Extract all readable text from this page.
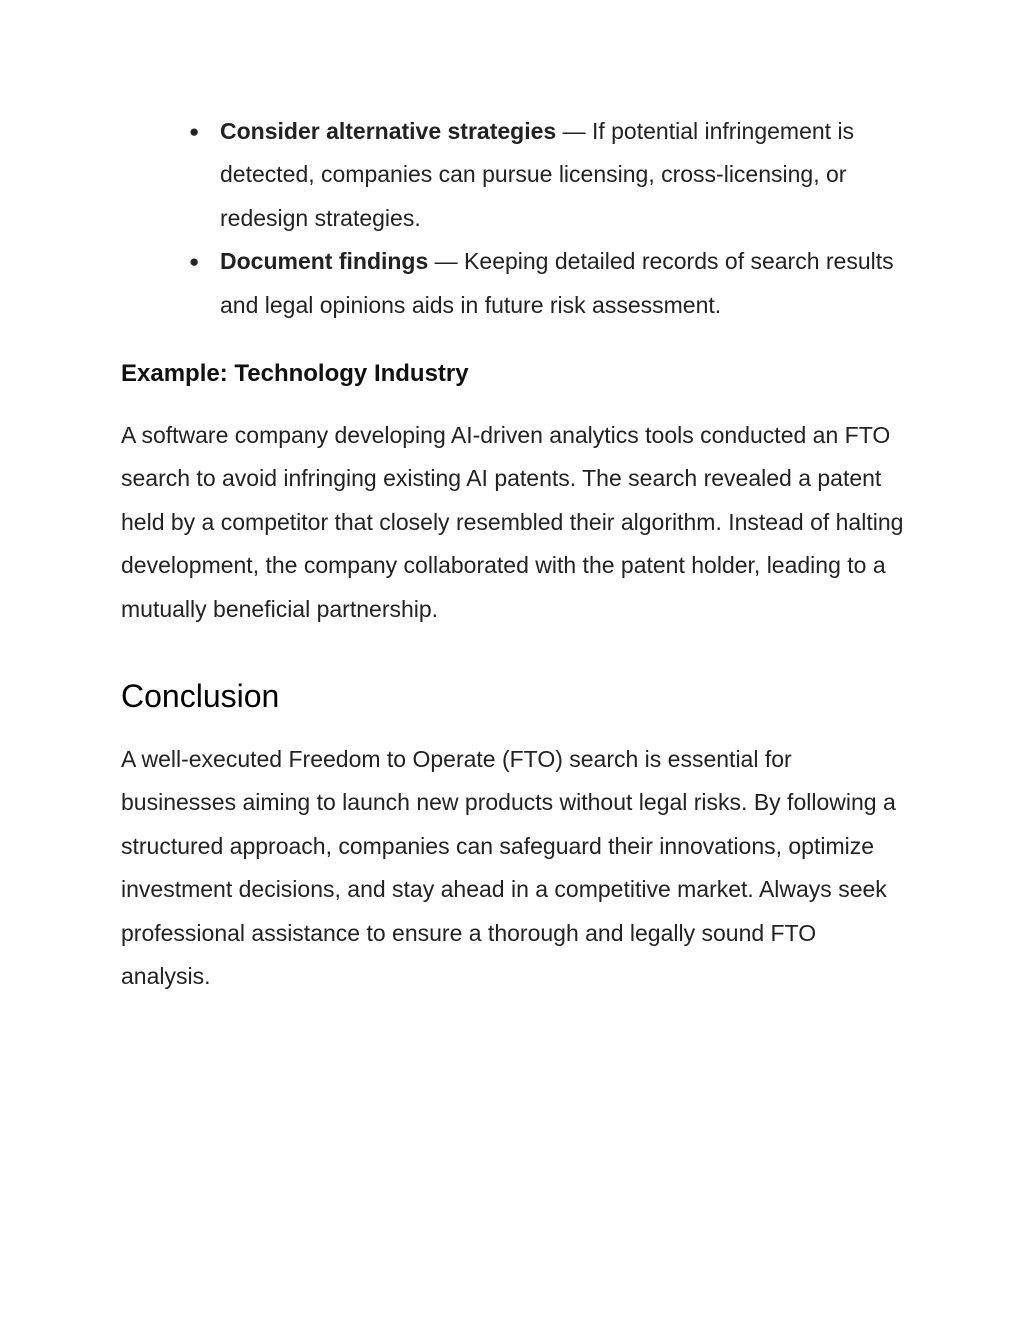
● Consider alternative strategies — If potential infringement is detected, companies can pursue licensing, cross-licensing, or redesign strategies.
● Document findings — Keeping detailed records of search results and legal opinions aids in future risk assessment.
Example: Technology Industry

A software company developing AI-driven analytics tools conducted an FTO search to avoid infringing existing AI patents. The search revealed a patent held by a competitor that closely resembled their algorithm. Instead of halting development, the company collaborated with the patent holder, leading to a mutually beneficial partnership.

Conclusion

A well-executed Freedom to Operate (FTO) search is essential for businesses aiming to launch new products without legal risks. By following a structured approach, companies can safeguard their innovations, optimize investment decisions, and stay ahead in a competitive market. Always seek professional assistance to ensure a thorough and legally sound FTO analysis.
